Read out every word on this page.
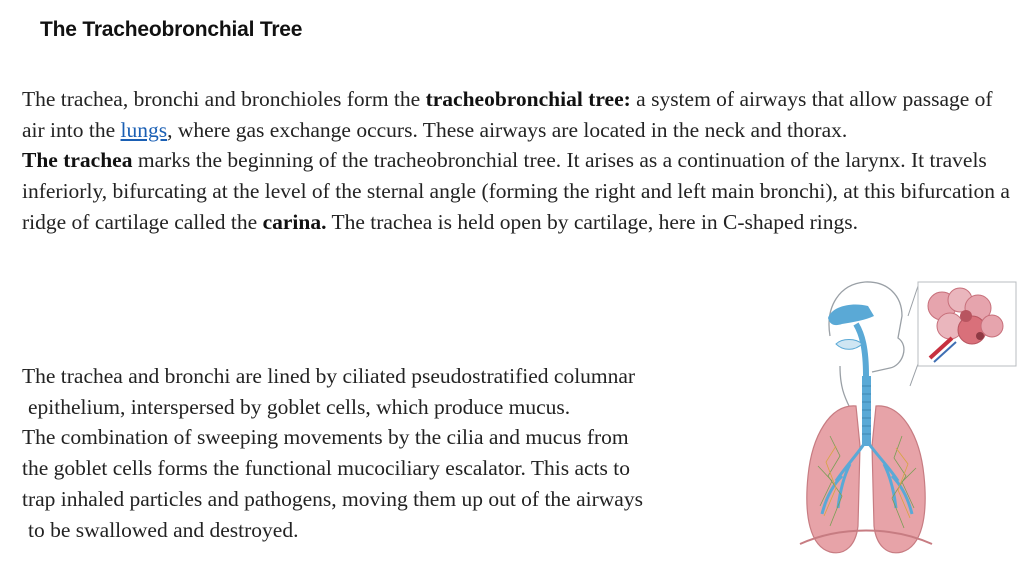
The Tracheobronchial Tree

The trachea, bronchi and bronchioles form the tracheobronchial tree: a system of airways that allow passage of air into the lungs, where gas exchange occurs. These airways are located in the neck and thorax.

The trachea marks the beginning of the tracheobronchial tree. It arises as a continuation of the larynx. It travels inferiorly, bifurcating at the level of the sternal angle (forming the right and left main bronchi), at this bifurcation a ridge of cartilage called the carina. The trachea is held open by cartilage, here in C-shaped rings.

The trachea and bronchi are lined by ciliated pseudostratified columnar

epithelium, interspersed by goblet cells, which produce mucus.

The combination of sweeping movements by the cilia and mucus from

the goblet cells forms the functional mucociliary escalator. This acts to

trap inhaled particles and pathogens, moving them up out of the airways

to be swallowed and destroyed.
